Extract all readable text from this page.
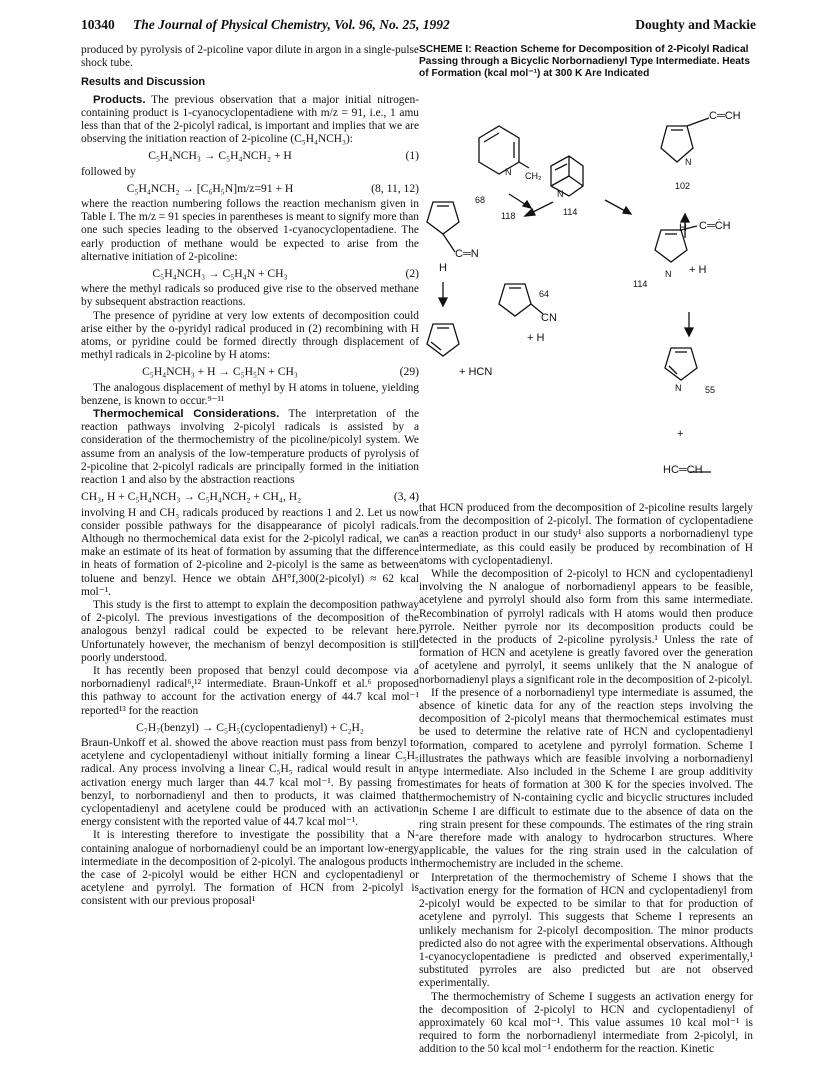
10340 The Journal of Physical Chemistry, Vol. 96, No. 25, 1992	Doughty and Mackie

produced by pyrolysis of 2-picoline vapor dilute in argon in a single-pulse shock tube.

Results and Discussion

Products. The previous observation that a major initial nitrogen-containing product is 1-cyanocyclopentadiene with m/z = 91, i.e., 1 amu less than that of the 2-picolyl radical, is important and implies that we are observing the initiation reaction of 2-picoline (C₅H₄NCH₃):

C₅H₄NCH₃ → C₅H₄NCH₂ + H	(1)

followed by

C₅H₄NCH₂ → [C₆H₅N]m/z=91 + H	(8, 11, 12)

where the reaction numbering follows the reaction mechanism given in Table I. The m/z = 91 species in parentheses is meant to signify more than one such species leading to the observed 1-cyanocyclopentadiene. The early production of methane would be expected to arise from the alternative initiation of 2-picoline:

C₅H₄NCH₃ → C₅H₄N + CH₃	(2)

where the methyl radicals so produced give rise to the observed methane by subsequent abstraction reactions.

The presence of pyridine at very low extents of decomposition could arise either by the o-pyridyl radical produced in (2) recombining with H atoms, or pyridine could be formed directly through displacement of methyl radicals in 2-picoline by H atoms:

C₅H₄NCH₃ + H → C₅H₅N + CH₃	(29)

The analogous displacement of methyl by H atoms in toluene, yielding benzene, is known to occur.⁹⁻¹¹

Thermochemical Considerations. The interpretation of the reaction pathways involving 2-picolyl radicals is assisted by a consideration of the thermochemistry of the picoline/picolyl system. We assume from an analysis of the low-temperature products of pyrolysis of 2-picoline that 2-picolyl radicals are principally formed in the initiation reaction 1 and also by the abstraction reactions

CH₃, H + C₅H₄NCH₃ → C₅H₄NCH₂ + CH₄, H₂	(3, 4)

involving H and CH₃ radicals produced by reactions 1 and 2. Let us now consider possible pathways for the disappearance of picolyl radicals. Although no thermochemical data exist for the 2-picolyl radical, we can make an estimate of its heat of formation by assuming that the difference in heats of formation of 2-picoline and 2-picolyl is the same as between toluene and benzyl. Hence we obtain ΔH°f,300(2-picolyl) ≈ 62 kcal mol⁻¹.

This study is the first to attempt to explain the decomposition pathway of 2-picolyl. The previous investigations of the decomposition of the analogous benzyl radical could be expected to be relevant here. Unfortunately however, the mechanism of benzyl decomposition is still poorly understood.

It has recently been proposed that benzyl could decompose via a norbornadienyl radical⁶,¹² intermediate. Braun-Unkoff et al.⁶ proposed this pathway to account for the activation energy of 44.7 kcal mol⁻¹ reported¹³ for the reaction

C₇H₇(benzyl) → C₅H₅(cyclopentadienyl) + C₂H₂

Braun-Unkoff et al. showed the above reaction must pass from benzyl to acetylene and cyclopentadienyl without initially forming a linear C₅H₅ radical. Any process involving a linear C₅H₅ radical would result in an activation energy much larger than 44.7 kcal mol⁻¹. By passing from benzyl, to norbornadienyl and then to products, it was claimed that cyclopentadienyl and acetylene could be produced with an activation energy consistent with the reported value of 44.7 kcal mol⁻¹.

It is interesting therefore to investigate the possibility that a N-containing analogue of norbornadienyl could be an important low-energy intermediate in the decomposition of 2-picolyl. The analogous products in the case of 2-picolyl would be either HCN and cyclopentadienyl or acetylene and pyrrolyl. The formation of HCN from 2-picolyl is consistent with our previous proposal¹

SCHEME I: Reaction Scheme for Decomposition of 2-Picolyl Radical Passing through a Bicyclic Norbornadienyl Type Intermediate. Heats of Formation (kcal mol⁻¹) at 300 K Are Indicated
N CH₂
68
C═CH
N
102
N
118	114
C═N
H
H C═ĊH
64
CN
+ H
114
N + H
+ HCN
N	55
+
HC═CH

that HCN produced from the decomposition of 2-picoline results largely from the decomposition of 2-picolyl. The formation of cyclopentadiene as a reaction product in our study¹ also supports a norbornadienyl type intermediate, as this could easily be produced by recombination of H atoms with cyclopentadienyl.

While the decomposition of 2-picolyl to HCN and cyclopentadienyl involving the N analogue of norbornadienyl appears to be feasible, acetylene and pyrrolyl should also form from this same intermediate. Recombination of pyrrolyl radicals with H atoms would then produce pyrrole. Neither pyrrole nor its decomposition products could be detected in the products of 2-picoline pyrolysis.¹ Unless the rate of formation of HCN and acetylene is greatly favored over the generation of acetylene and pyrrolyl, it seems unlikely that the N analogue of norbornadienyl plays a significant role in the decomposition of 2-picolyl.

If the presence of a norbornadienyl type intermediate is assumed, the absence of kinetic data for any of the reaction steps involving the decomposition of 2-picolyl means that thermochemical estimates must be used to determine the relative rate of HCN and cyclopentadienyl formation, compared to acetylene and pyrrolyl formation. Scheme I illustrates the pathways which are feasible involving a norbornadienyl type intermediate. Also included in the Scheme I are group additivity estimates for heats of formation at 300 K for the species involved. The thermochemistry of N-containing cyclic and bicyclic structures included in Scheme I are difficult to estimate due to the absence of data on the ring strain present for these compounds. The estimates of the ring strain are therefore made with analogy to hydrocarbon structures. Where applicable, the values for the ring strain used in the calculation of thermochemistry are included in the scheme.

Interpretation of the thermochemistry of Scheme I shows that the activation energy for the formation of HCN and cyclopentadienyl from 2-picolyl would be expected to be similar to that for production of acetylene and pyrrolyl. This suggests that Scheme I represents an unlikely mechanism for 2-picolyl decomposition. The minor products predicted also do not agree with the experimental observations. Although 1-cyanocyclopentadiene is predicted and observed experimentally,¹ substituted pyrroles are also predicted but are not observed experimentally.

The thermochemistry of Scheme I suggests an activation energy for the decomposition of 2-picolyl to HCN and cyclopentadienyl of approximately 60 kcal mol⁻¹. This value assumes 10 kcal mol⁻¹ is required to form the norbornadienyl intermediate from 2-picolyl, in addition to the 50 kcal mol⁻¹ endotherm for the reaction. Kinetic
